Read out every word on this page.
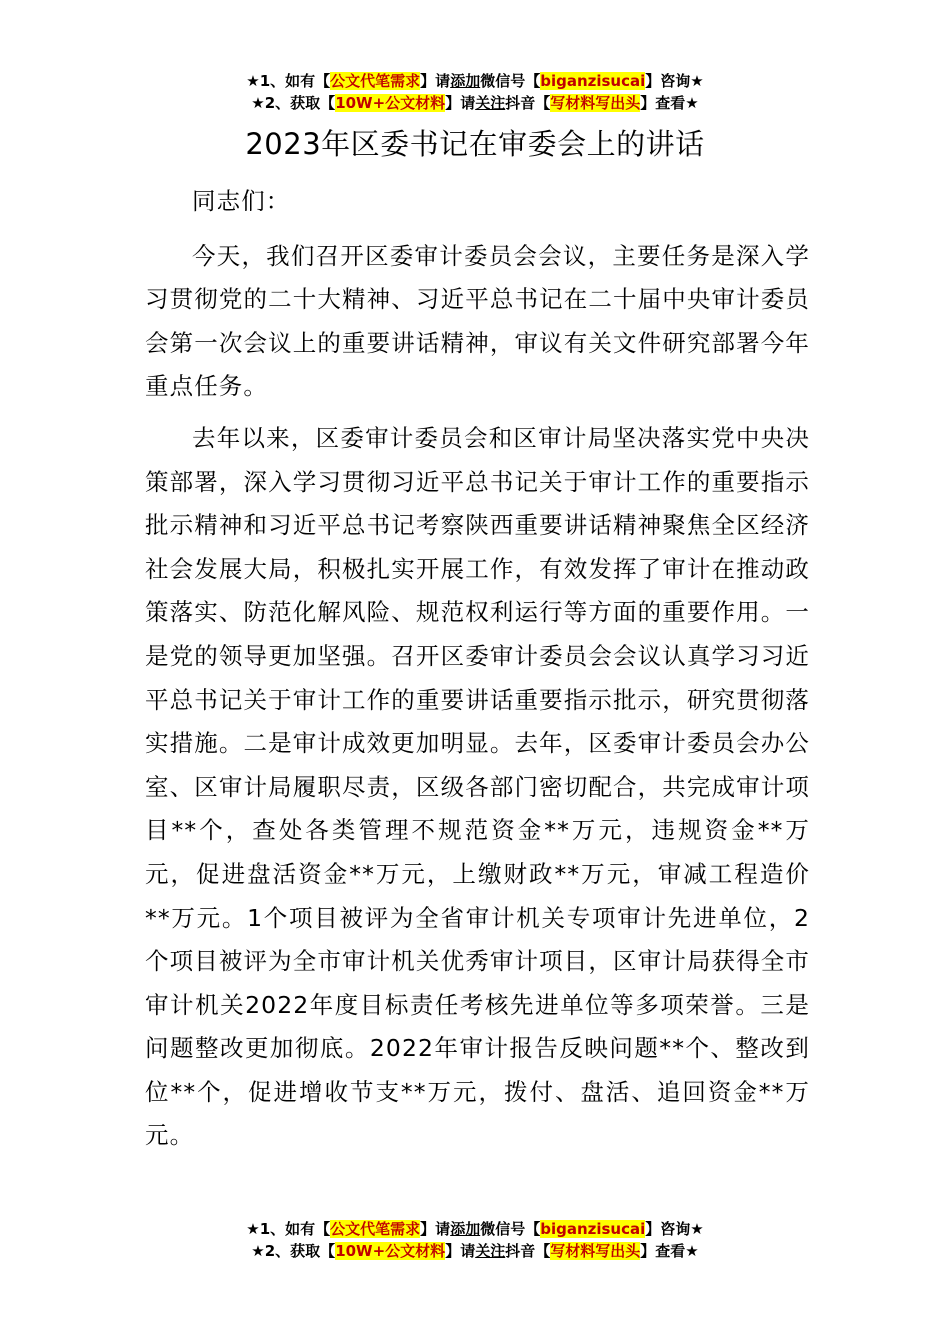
★1、如有【公文代笔需求】请添加微信号【biganzisucai】咨询★
★2、获取【10W+公文材料】请关注抖音【写材料写出头】查看★
2023年区委书记在审委会上的讲话

同志们：

今天，我们召开区委审计委员会会议，主要任务是深入学习贯彻党的二十大精神、习近平总书记在二十届中央审计委员会第一次会议上的重要讲话精神，审议有关文件研究部署今年重点任务。

去年以来，区委审计委员会和区审计局坚决落实党中央决策部署，深入学习贯彻习近平总书记关于审计工作的重要指示批示精神和习近平总书记考察陕西重要讲话精神聚焦全区经济社会发展大局，积极扎实开展工作，有效发挥了审计在推动政策落实、防范化解风险、规范权利运行等方面的重要作用。一是党的领导更加坚强。召开区委审计委员会会议认真学习习近平总书记关于审计工作的重要讲话重要指示批示，研究贯彻落实措施。二是审计成效更加明显。去年，区委审计委员会办公室、区审计局履职尽责，区级各部门密切配合，共完成审计项目**个，查处各类管理不规范资金**万元，违规资金**万元，促进盘活资金**万元，上缴财政**万元，审减工程造价**万元。1个项目被评为全省审计机关专项审计先进单位，2个项目被评为全市审计机关优秀审计项目，区审计局获得全市审计机关2022年度目标责任考核先进单位等多项荣誉。三是问题整改更加彻底。2022年审计报告反映问题**个、整改到位**个，促进增收节支**万元，拨付、盘活、追回资金**万元。

★1、如有【公文代笔需求】请添加微信号【biganzisucai】咨询★
★2、获取【10W+公文材料】请关注抖音【写材料写出头】查看★
